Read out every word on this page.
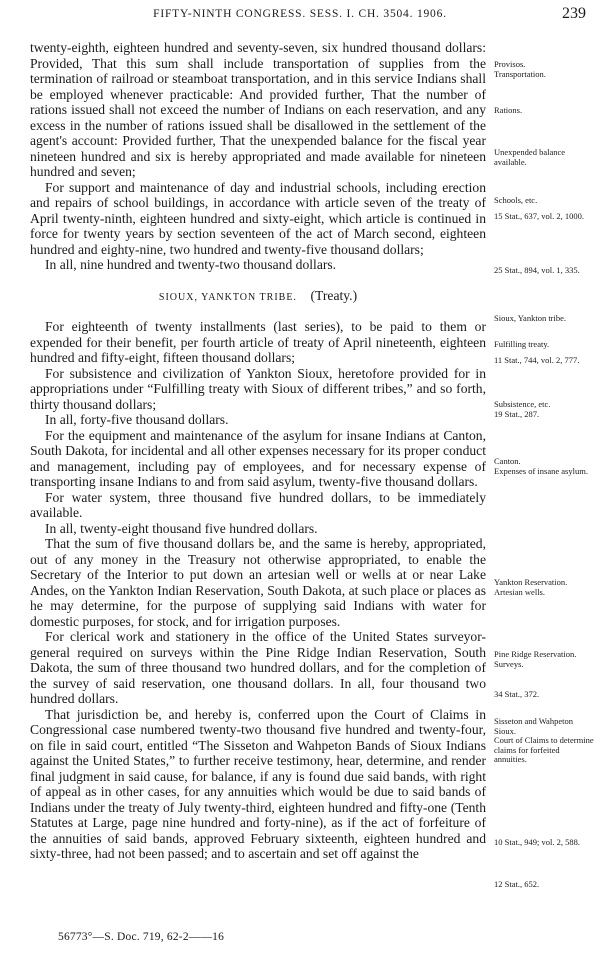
FIFTY-NINTH CONGRESS. SESS. I. CH. 3504. 1906.	239

twenty-eighth, eighteen hundred and seventy-seven, six hundred thousand dollars: Provided, That this sum shall include transportation of supplies from the termination of railroad or steamboat transportation, and in this service Indians shall be employed whenever practicable: And provided further, That the number of rations issued shall not exceed the number of Indians on each reservation, and any excess in the number of rations issued shall be disallowed in the settlement of the agent's account: Provided further, That the unexpended balance for the fiscal year nineteen hundred and six is hereby appropriated and made available for nineteen hundred and seven;

For support and maintenance of day and industrial schools, including erection and repairs of school buildings, in accordance with article seven of the treaty of April twenty-ninth, eighteen hundred and sixty-eight, which article is continued in force for twenty years by section seventeen of the act of March second, eighteen hundred and eighty-nine, two hundred and twenty-five thousand dollars;

In all, nine hundred and twenty-two thousand dollars.

SIOUX, YANKTON TRIBE. (Treaty.)

For eighteenth of twenty installments (last series), to be paid to them or expended for their benefit, per fourth article of treaty of April nineteenth, eighteen hundred and fifty-eight, fifteen thousand dollars;

For subsistence and civilization of Yankton Sioux, heretofore provided for in appropriations under “Fulfilling treaty with Sioux of different tribes,” and so forth, thirty thousand dollars;

In all, forty-five thousand dollars.

For the equipment and maintenance of the asylum for insane Indians at Canton, South Dakota, for incidental and all other expenses necessary for its proper conduct and management, including pay of employees, and for necessary expense of transporting insane Indians to and from said asylum, twenty-five thousand dollars.

For water system, three thousand five hundred dollars, to be immediately available.

In all, twenty-eight thousand five hundred dollars.

That the sum of five thousand dollars be, and the same is hereby, appropriated, out of any money in the Treasury not otherwise appropriated, to enable the Secretary of the Interior to put down an artesian well or wells at or near Lake Andes, on the Yankton Indian Reservation, South Dakota, at such place or places as he may determine, for the purpose of supplying said Indians with water for domestic purposes, for stock, and for irrigation purposes.

For clerical work and stationery in the office of the United States surveyor-general required on surveys within the Pine Ridge Indian Reservation, South Dakota, the sum of three thousand two hundred dollars, and for the completion of the survey of said reservation, one thousand dollars. In all, four thousand two hundred dollars.

That jurisdiction be, and hereby is, conferred upon the Court of Claims in Congressional case numbered twenty-two thousand five hundred and twenty-four, on file in said court, entitled “The Sisseton and Wahpeton Bands of Sioux Indians against the United States,” to further receive testimony, hear, determine, and render final judgment in said cause, for balance, if any is found due said bands, with right of appeal as in other cases, for any annuities which would be due to said bands of Indians under the treaty of July twenty-third, eighteen hundred and fifty-one (Tenth Statutes at Large, page nine hundred and forty-nine), as if the act of forfeiture of the annuities of said bands, approved February sixteenth, eighteen hundred and sixty-three, had not been passed; and to ascertain and set off against the

Provisos.
Transportation.
Rations.
Unexpended balance available.
Schools, etc.
15 Stat., 637, vol. 2, 1000.
25 Stat., 894, vol. 1, 335.
Sioux, Yankton tribe.
Fulfilling treaty.
11 Stat., 744, vol. 2, 777.
Subsistence, etc.
19 Stat., 287.
Canton.
Expenses of insane asylum.
Yankton Reservation.
Artesian wells.
Pine Ridge Reservation.
Surveys.
34 Stat., 372.
Sisseton and Wahpeton Sioux.
Court of Claims to determine claims for forfeited annuities.
10 Stat., 949; vol. 2, 588.
12 Stat., 652.
56773°—S. Doc. 719, 62-2——16
